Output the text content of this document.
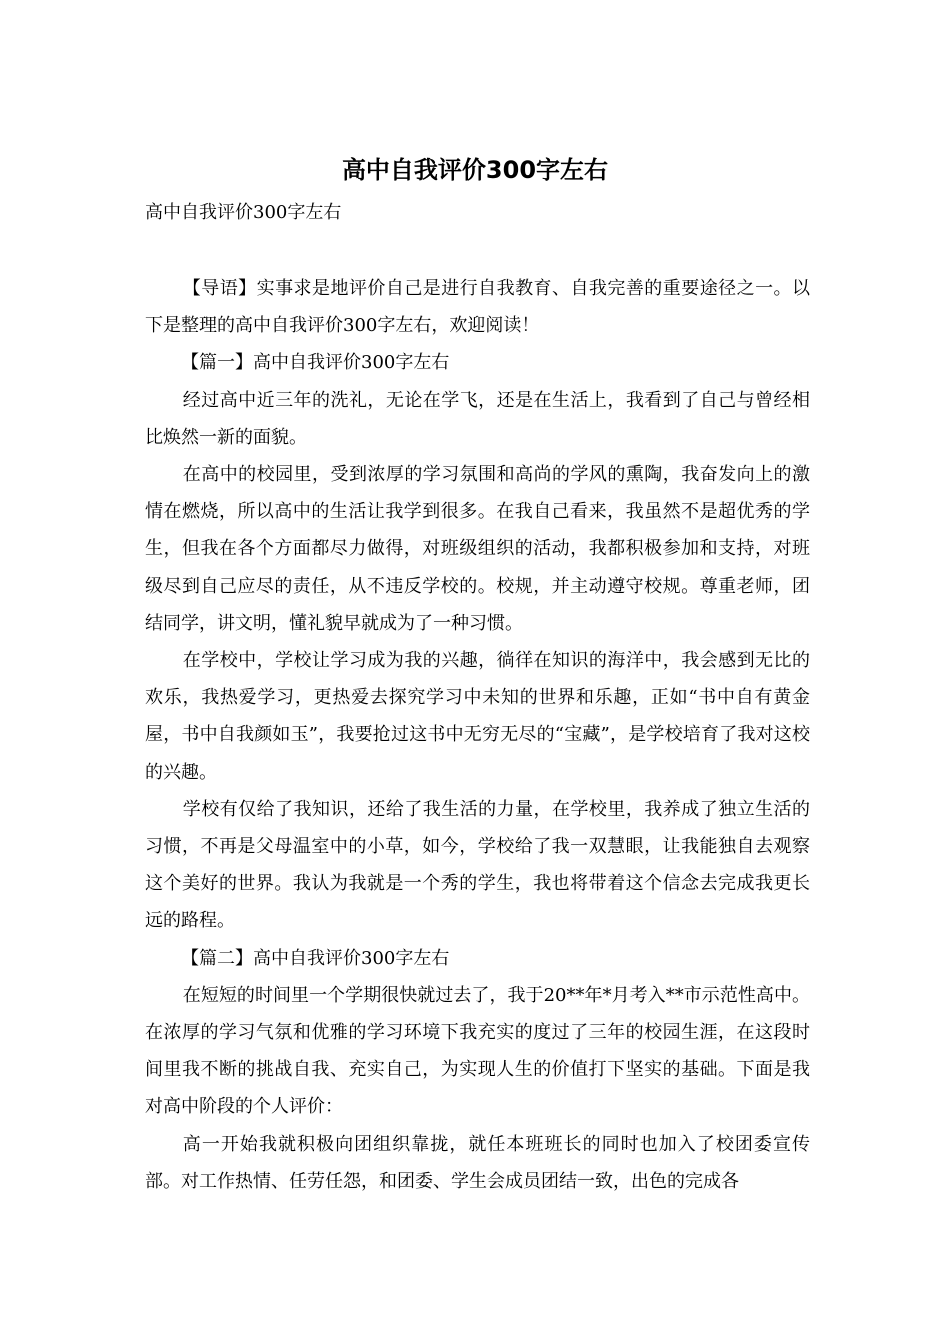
高中自我评价300字左右

高中自我评价300字左右

【导语】实事求是地评价自己是进行自我教育、自我完善的重要途径之一。以下是整理的高中自我评价300字左右，欢迎阅读！

【篇一】高中自我评价300字左右

经过高中近三年的洗礼，无论在学飞，还是在生活上，我看到了自己与曾经相比焕然一新的面貌。

在高中的校园里，受到浓厚的学习氛围和高尚的学风的熏陶，我奋发向上的激情在燃烧，所以高中的生活让我学到很多。在我自己看来，我虽然不是超优秀的学生，但我在各个方面都尽力做得，对班级组织的活动，我都积极参加和支持，对班级尽到自己应尽的责任，从不违反学校的。校规，并主动遵守校规。尊重老师，团结同学，讲文明，懂礼貌早就成为了一种习惯。

在学校中，学校让学习成为我的兴趣，徜徉在知识的海洋中，我会感到无比的欢乐，我热爱学习，更热爱去探究学习中未知的世界和乐趣，正如“书中自有黄金屋，书中自我颜如玉”，我要抢过这书中无穷无尽的“宝藏”，是学校培育了我对这校的兴趣。

学校有仅给了我知识，还给了我生活的力量，在学校里，我养成了独立生活的习惯，不再是父母温室中的小草，如今，学校给了我一双慧眼，让我能独自去观察这个美好的世界。我认为我就是一个秀的学生，我也将带着这个信念去完成我更长远的路程。

【篇二】高中自我评价300字左右

在短短的时间里一个学期很快就过去了，我于20**年*月考入**市示范性高中。在浓厚的学习气氛和优雅的学习环境下我充实的度过了三年的校园生涯，在这段时间里我不断的挑战自我、充实自己，为实现人生的价值打下坚实的基础。下面是我对高中阶段的个人评价：

高一开始我就积极向团组织靠拢，就任本班班长的同时也加入了校团委宣传部。对工作热情、任劳任怨，和团委、学生会成员团结一致，出色的完成各
